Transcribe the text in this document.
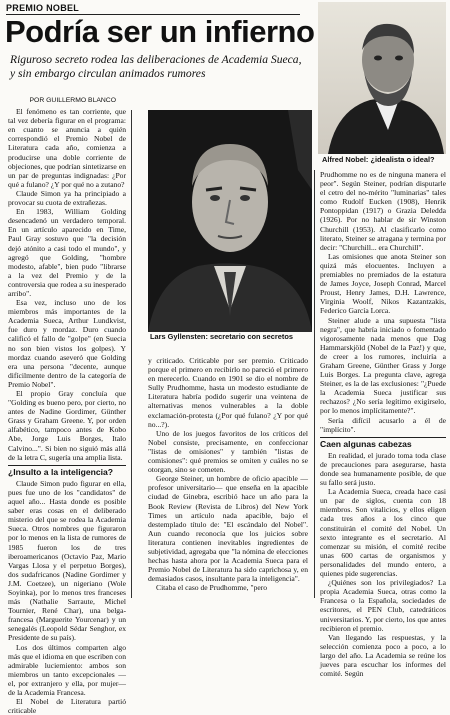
PREMIO NOBEL
Podría ser un infierno
Riguroso secreto rodea las deliberaciones de Academia Sueca, y sin embargo circulan animados rumores
Alfred Nobel: ¿idealista o ideal?
POR GUILLERMO BLANCO

El fenómeno es tan corriente, que tal vez debería figurar en el programa: en cuanto se anuncia a quién correspondió el Premio Nobel de Literatura cada año, comienza a producirse una doble corriente de objeciones, que podrían sintetizarse en un par de preguntas indignadas: ¿Por qué a fulano? ¿Y por qué no a zutano?

Claude Simon ya ha principiado a provocar su cuota de extrañezas.

En 1983, William Golding desencadenó un verdadero temporal. En un artículo aparecido en Time, Paul Gray sostuvo que "la decisión dejó atónito a casi todo el mundo", y agregó que Golding, "hombre modesto, afable", bien pudo "librarse a la vez del Premio y de la controversia que rodea a su inesperado arribo".

Esa vez, incluso uno de los miembros más importantes de la Academia Sueca, Arthur Lundkvist, fue duro y mordaz. Duro cuando calificó el fallo de "golpe" (en Suecia no son bien vistos los golpes). Y mordaz cuando aseveró que Golding era una persona "decente, aunque difícilmente dentro de la categoría de Premio Nobel".

El propio Gray concluía que "Golding es bueno pero, por cierto, no antes de Nadine Gordimer, Günther Grass y Graham Greene. Y, por orden alfabético, tampoco antes de Kobo Abe, Jorge Luis Borges, Italo Calvino...". Si bien no siguió más allá de la letra C, sugería una amplia lista.

¿Insulto a la inteligencia?

Claude Simon pudo figurar en ella, pues fue uno de los "candidatos" de aquel año... Hasta donde es posible saber eras cosas en el deliberado misterio del que se rodea la Academia Sueca. Otros nombres que figuraron por lo menos en la lista de rumores de 1985 fueron los de tres iberoamericanos (Octavio Paz, Mario Vargas Llosa y el perpetuo Borges), dos sudafricanos (Nadine Gordimer y J.M. Coetzee), un nigeriano (Wole Soyinka), por lo menos tres franceses más (Nathalie Sarraute, Michel Tournier, René Char), una belga-francesa (Marguerite Yourcenar) y un senegalés (Leopold Sédar Senghor, ex Presidente de su país).

Los dos últimos comparten algo más que el idioma en que escriben con admirable luciemiento: ambos son miembros un tanto excepcionales —el, por extranjero y ella, por mujer— de la Academia Francesa.

El Nobel de Literatura partió criticable

Lars Gyllensten: secretario con secretos

y criticado. Criticable por ser premio. Criticado porque el primero en recibirlo no pareció el primero en merecerlo. Cuando en 1901 se dio el nombre de Sully Prudhomme, hasta un modesto estudiante de Literatura habría podido sugerir una veintena de alternativas menos vulnerables a la doble exclamación-protesta (¿Por qué fulano? ¿Y por qué no...?).

Uno de los juegos favoritos de los críticos del Nobel consiste, precisamente, en confeccionar "listas de omisiones" y también "listas de comisiones": qué premios se omiten y cuáles no se otorgan, sino se cometen.

George Steiner, un hombre de oficio apacible —profesor universitario— que enseña en la apacible ciudad de Ginebra, escribió hace un año para la Book Review (Revista de Libros) del New York Times un artículo nada apacible, bajo el destemplado título de: "El escándalo del Nobel". Aun cuando reconocía que los juicios sobre literatura contienen inevitables ingredientes de subjetividad, agregaba que "la nómina de elecciones hechas hasta ahora por la Academia Sueca para el Premio Nobel de Literatura ha sido caprichosa y, en demasiados casos, insultante para la inteligencia".

Citaba el caso de Prudhomme, "pero

Prudhomme no es de ninguna manera el peor". Según Steiner, podrían disputarle el cetro del no-mérito "luminarias" tales como Rudolf Eucken (1908), Henrik Pontoppidan (1917) o Grazia Deledda (1926). Por no hablar de sir Winston Churchill (1953). Al clasificarlo como literato, Steiner se atragana y termina por decir: "Churchill... era Churchill".

Las omisiones que anota Steiner son quizá más elocuentes. Incluyen a premiables no premiados de la estatura de James Joyce, Joseph Conrad, Marcel Proust, Henry James, D.H. Lawrence, Virginia Woolf, Nikos Kazantzakis, Federico García Lorca.

Steiner alude a una supuesta "lista negra", que habría iniciado o fomentado vigorosamente nada menos que Dag Hammarskjöld (Nobel de la Paz!) y que, de creer a los rumores, incluiría a Graham Greene, Günther Grass y Jorge Luis Borges. La pregunta clave, agrega Steiner, es la de las exclusiones: "¿Puede la Academia Sueca justificar sus rechazos? ¿No sería legítimo exigírselo, por lo menos implícitamente?".

Sería difícil acusarlo a él de "implícito".

Caen algunas cabezas

En realidad, el jurado toma toda clase de precauciones para asegurarse, hasta donde sea humanamente posible, de que su fallo será justo.

La Academia Sueca, creada hace casi un par de siglos, cuenta con 18 miembros. Son vitalicios, y ellos eligen cada tres años a los cinco que constituirán el comité del Nobel. Un sexto integrante es el secretario. Al comenzar su misión, el comité recibe unas 600 cartas de organismos y personalidades del mundo entero, a quienes pide sugerencias.

¿Quiénes son los privilegiados? La propia Academia Sueca, otras como la Francesa o la Española, sociedades de escritores, el PEN Club, catedráticos universitarios. Y, por cierto, los que antes recibieron el premio.

Van llegando las respuestas, y la selección comienza poco a poco, a lo largo del año. La Academia se reúne los jueves para escuchar los informes del comité. Según
